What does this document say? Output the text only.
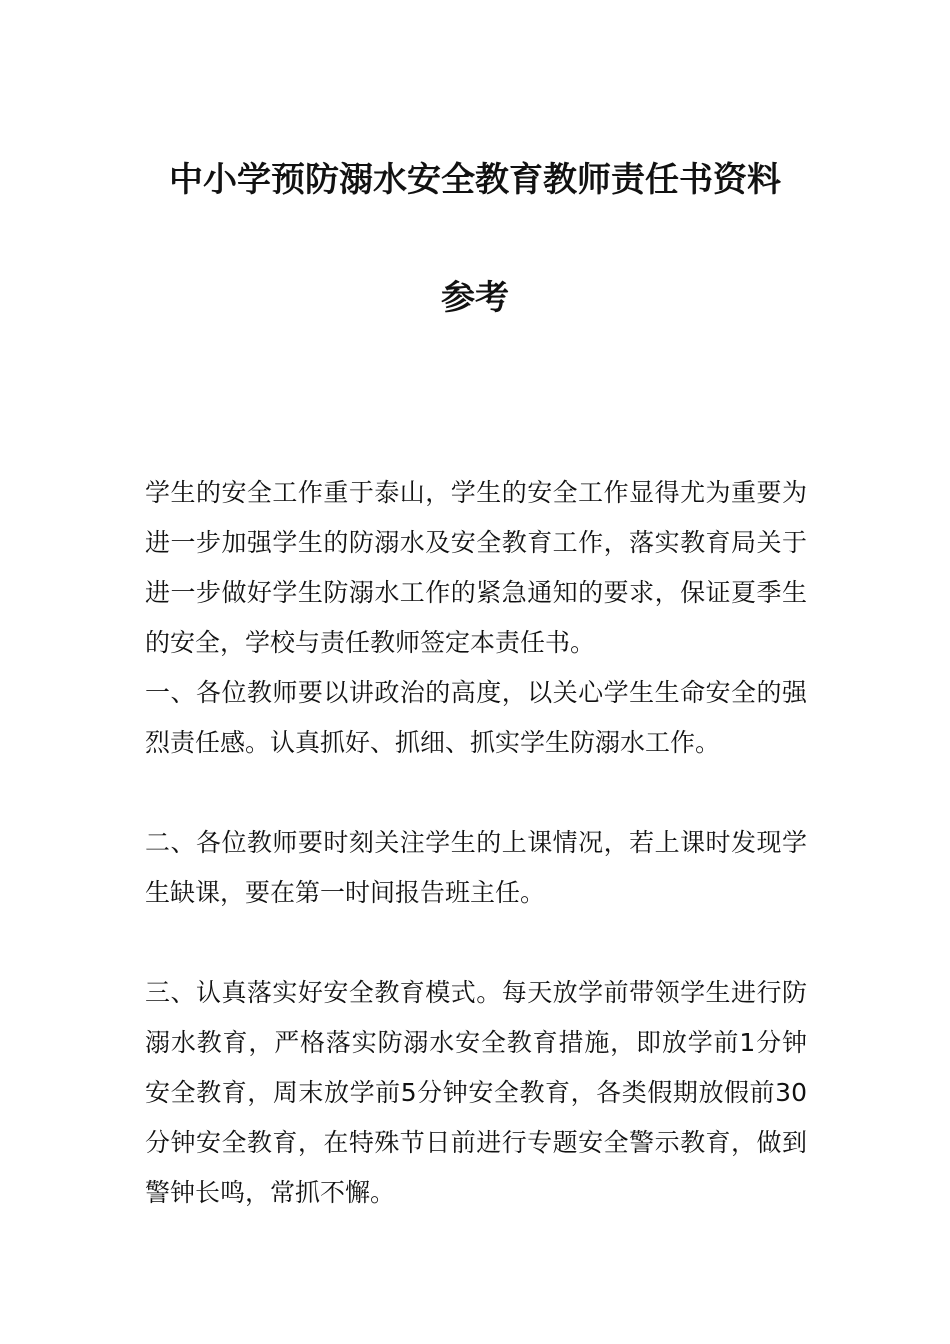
中小学预防溺水安全教育教师责任书资料
参考

学生的安全工作重于泰山，学生的安全工作显得尤为重要为进一步加强学生的防溺水及安全教育工作，落实教育局关于进一步做好学生防溺水工作的紧急通知的要求，保证夏季生的安全，学校与责任教师签定本责任书。

一、各位教师要以讲政治的高度，以关心学生生命安全的强烈责任感。认真抓好、抓细、抓实学生防溺水工作。

二、各位教师要时刻关注学生的上课情况，若上课时发现学生缺课，要在第一时间报告班主任。

三、认真落实好安全教育模式。每天放学前带领学生进行防溺水教育，严格落实防溺水安全教育措施，即放学前1分钟安全教育，周末放学前5分钟安全教育，各类假期放假前30分钟安全教育，在特殊节日前进行专题安全警示教育，做到警钟长鸣，常抓不懈。
